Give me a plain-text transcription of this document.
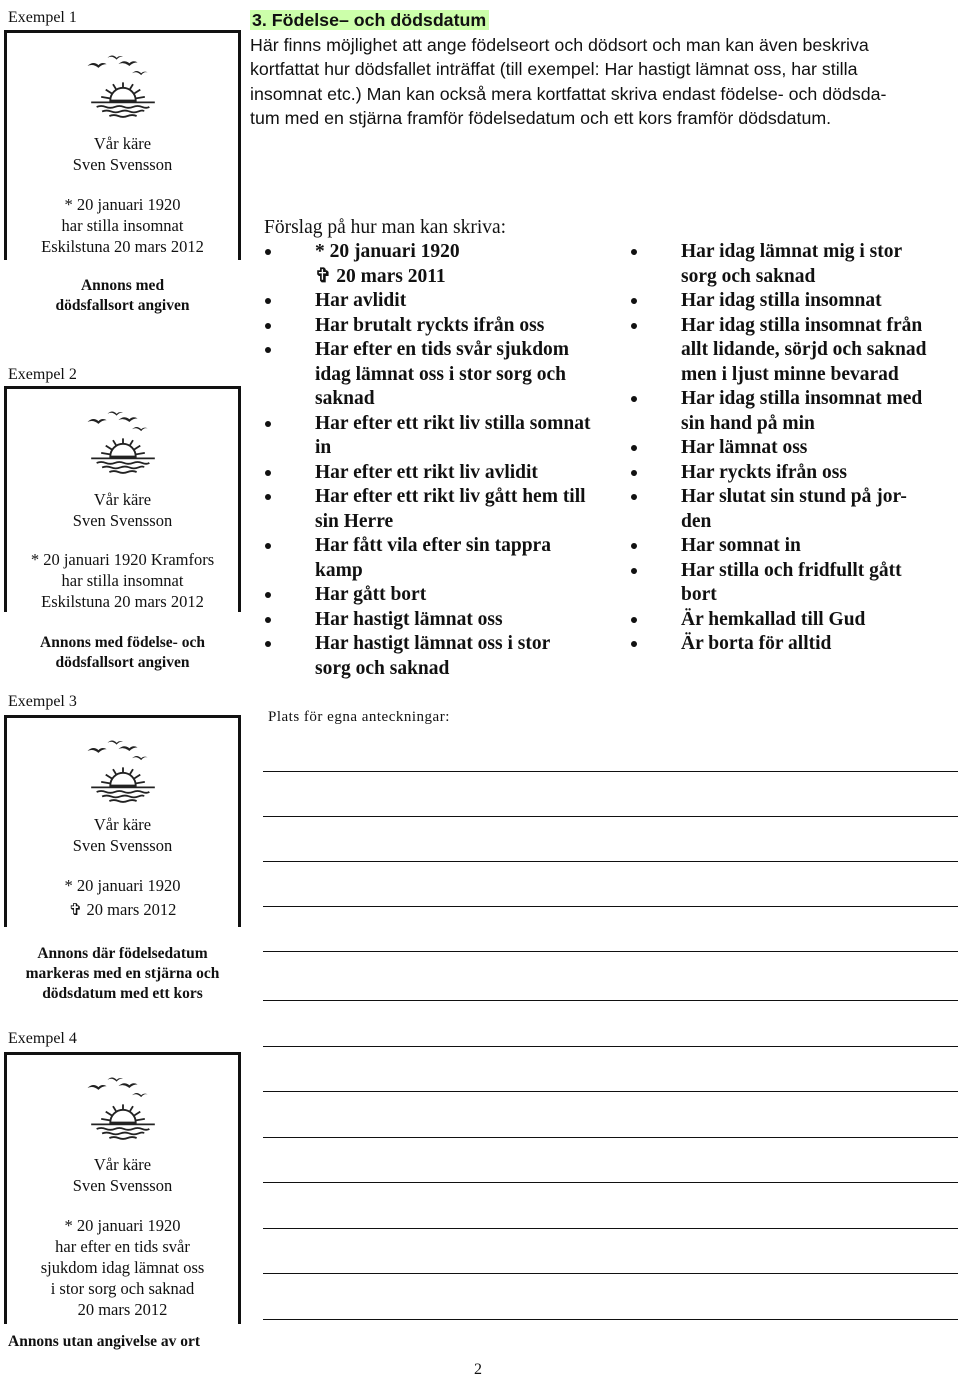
Exempel 1
Vår käre
Sven Svensson
* 20 januari 1920
har stilla insomnat
Eskilstuna 20 mars 2012
Annons med
dödsfallsort angiven
Exempel 2
Vår käre
Sven Svensson
* 20 januari 1920 Kramfors
har stilla insomnat
Eskilstuna 20 mars 2012
Annons med födelse- och
dödsfallsort angiven
Exempel 3
Vår käre
Sven Svensson
* 20 januari 1920
✞ 20 mars 2012
Annons där födelsedatum
markeras med en stjärna och
dödsdatum med ett kors
Exempel 4
Vår käre
Sven Svensson
* 20 januari 1920
har efter en tids svår
sjukdom idag lämnat oss
i stor sorg och saknad
20 mars 2012
Annons utan angivelse av ort
3. Födelse– och dödsdatum
Här finns möjlighet att ange födelseort och dödsort och man kan även beskriva
kortfattat hur dödsfallet inträffat (till exempel: Har hastigt lämnat oss, har stilla
insomnat etc.) Man kan också mera kortfattat skriva endast födelse- och dödsda-
tum med en stjärna framför födelsedatum och ett kors framför dödsdatum.
Förslag på hur man kan skriva:
* 20 januari 1920
✞ 20 mars 2011
Har avlidit
Har brutalt ryckts ifrån oss
Har efter en tids svår sjukdom
idag lämnat oss i stor sorg och
saknad
Har efter ett rikt liv stilla somnat
in
Har efter ett rikt liv avlidit
Har efter ett rikt liv gått hem till
sin Herre
Har fått vila efter sin tappra
kamp
Har gått bort
Har hastigt lämnat oss
Har hastigt lämnat oss i stor
sorg och saknad
Har idag lämnat mig i stor
sorg och saknad
Har idag stilla insomnat
Har idag stilla insomnat från
allt lidande, sörjd och saknad
men i ljust minne bevarad
Har idag stilla insomnat med
sin hand på min
Har lämnat oss
Har ryckts ifrån oss
Har slutat sin stund på jor-
den
Har somnat in
Har stilla och fridfullt gått
bort
Är hemkallad till Gud
Är borta för alltid
Plats för egna anteckningar:
2
